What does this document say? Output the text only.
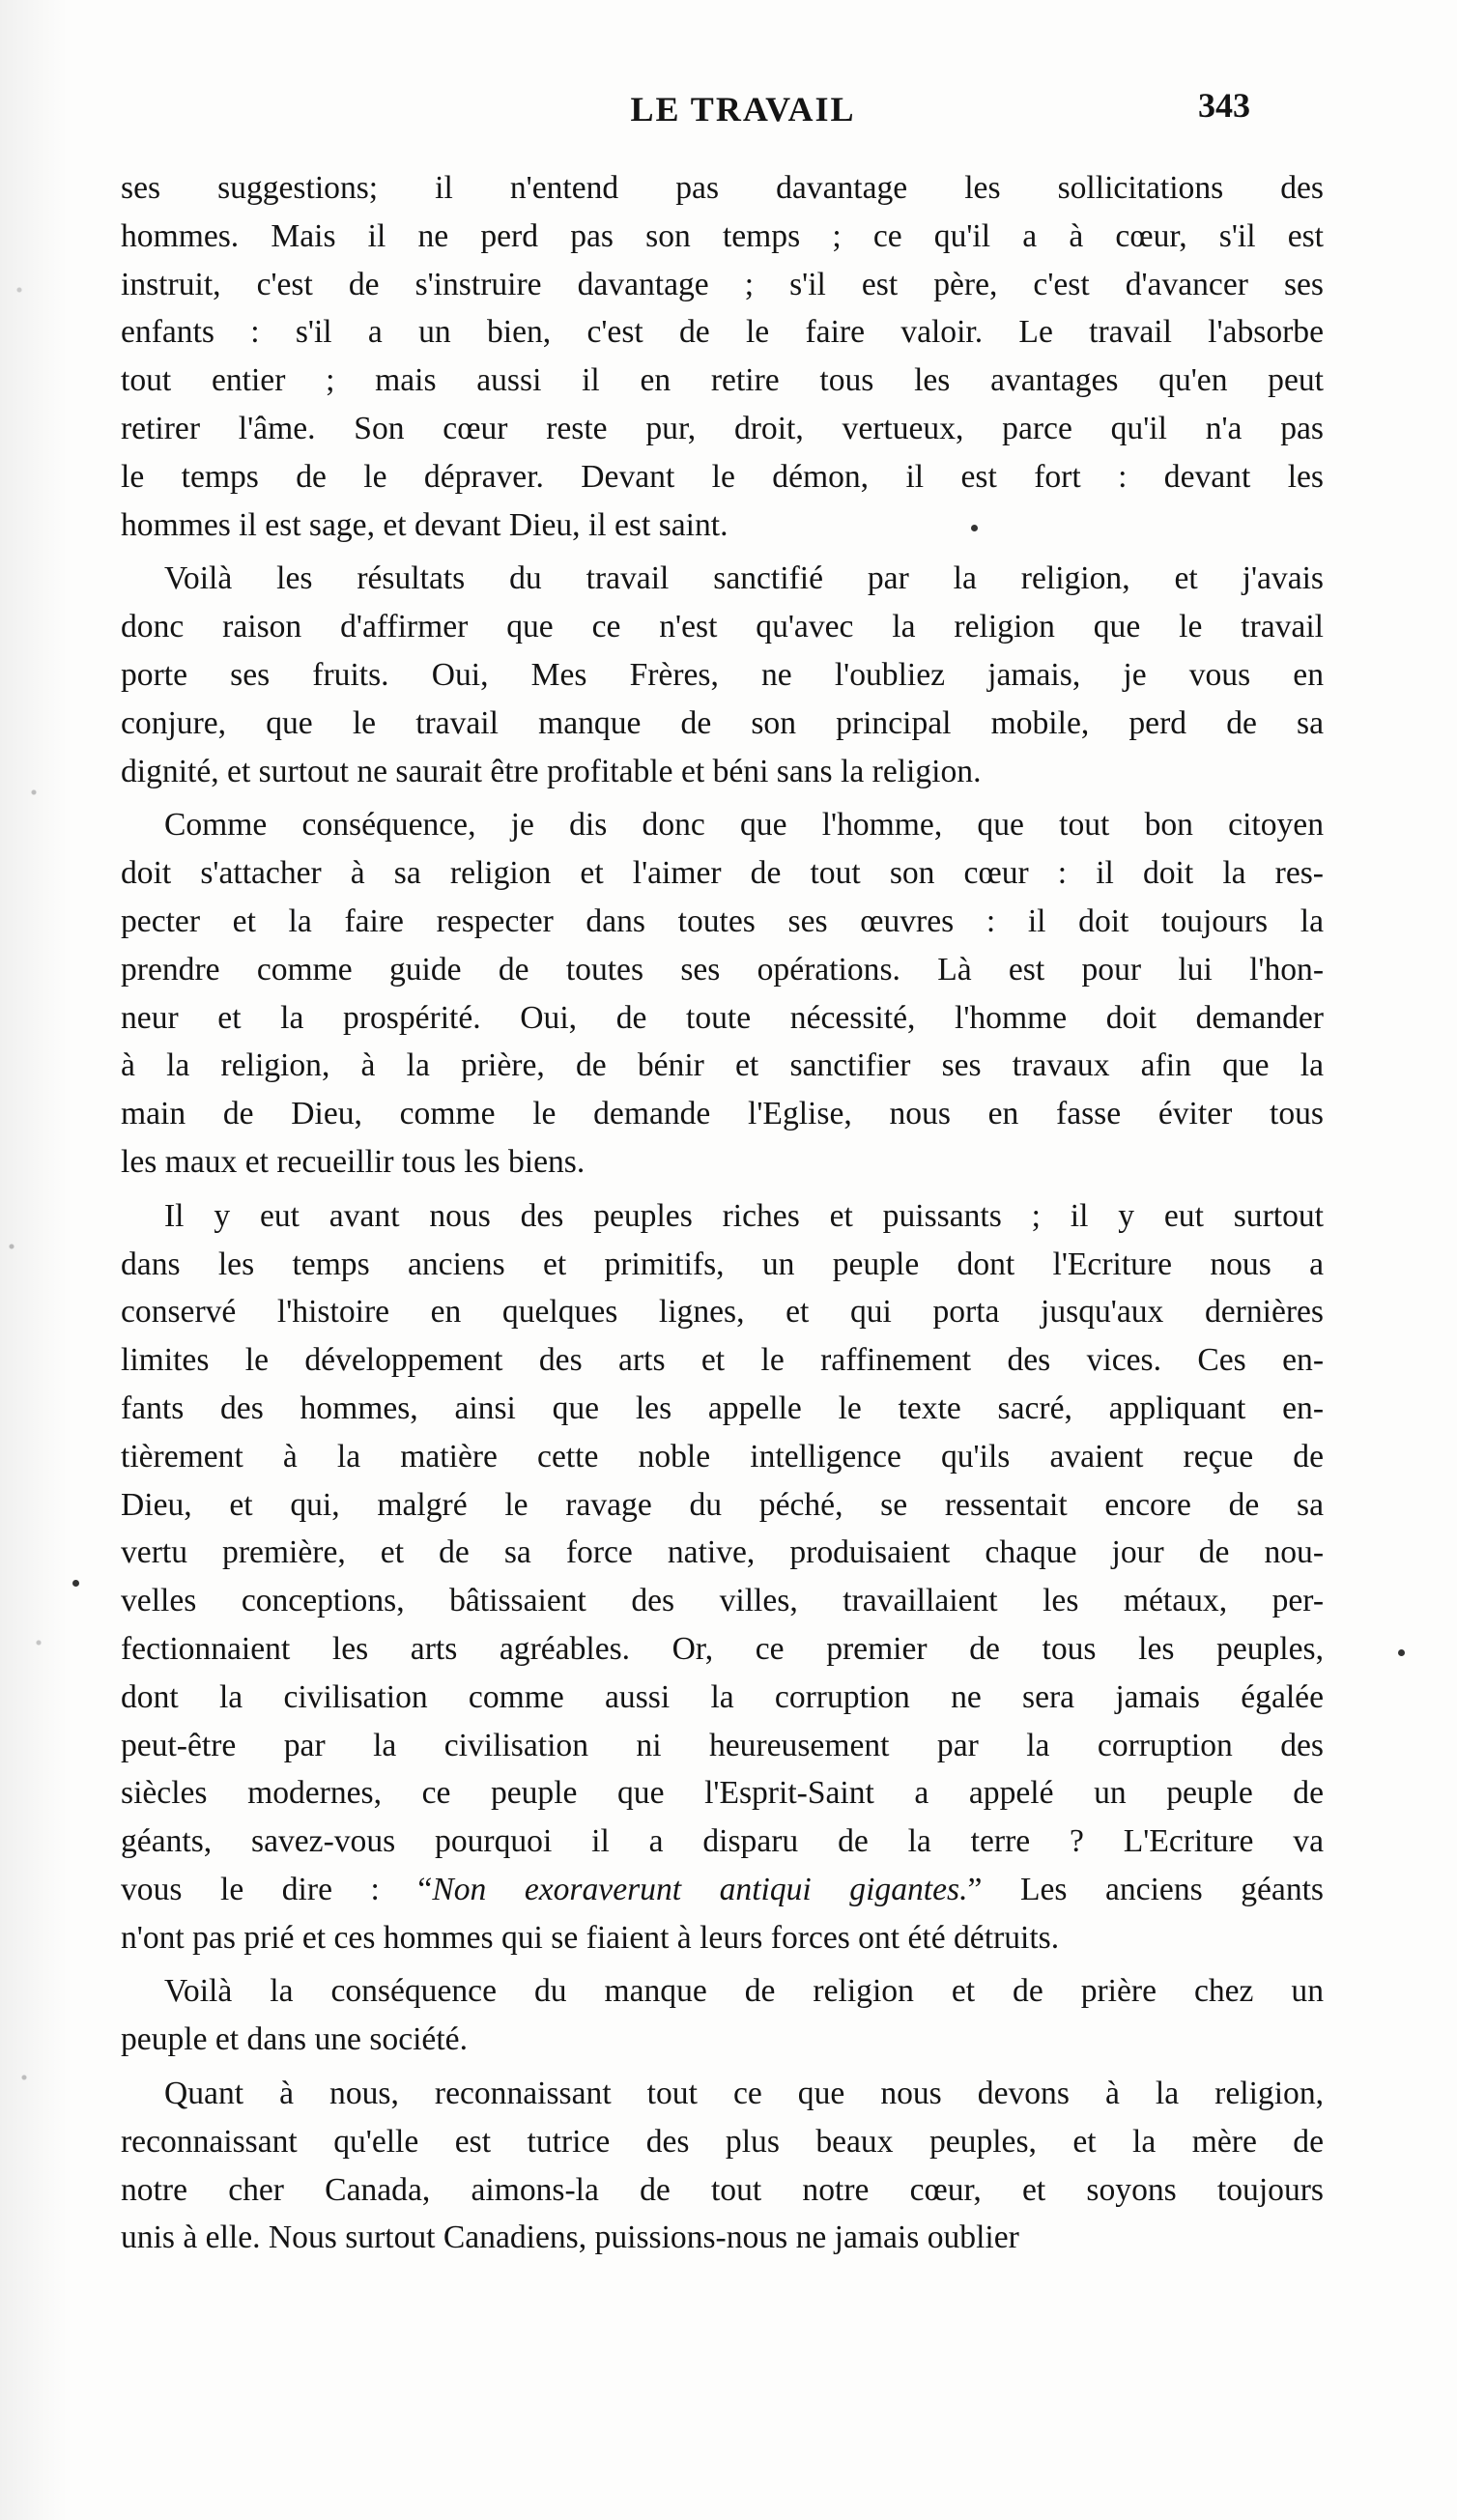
LE TRAVAIL	343
ses suggestions; il n'entend pas davantage les sollicitations des
hommes. Mais il ne perd pas son temps ; ce qu'il a à cœur, s'il est
instruit, c'est de s'instruire davantage ; s'il est père, c'est d'avancer ses
enfants : s'il a un bien, c'est de le faire valoir. Le travail l'absorbe
tout entier ; mais aussi il en retire tous les avantages qu'en peut
retirer l'âme. Son cœur reste pur, droit, vertueux, parce qu'il n'a pas
le temps de le dépraver. Devant le démon, il est fort : devant les
hommes il est sage, et devant Dieu, il est saint.
Voilà les résultats du travail sanctifié par la religion, et j'avais
donc raison d'affirmer que ce n'est qu'avec la religion que le travail
porte ses fruits. Oui, Mes Frères, ne l'oubliez jamais, je vous en
conjure, que le travail manque de son principal mobile, perd de sa
dignité, et surtout ne saurait être profitable et béni sans la religion.
Comme conséquence, je dis donc que l'homme, que tout bon citoyen
doit s'attacher à sa religion et l'aimer de tout son cœur : il doit la res-
pecter et la faire respecter dans toutes ses œuvres : il doit toujours la
prendre comme guide de toutes ses opérations. Là est pour lui l'hon-
neur et la prospérité. Oui, de toute nécessité, l'homme doit demander
à la religion, à la prière, de bénir et sanctifier ses travaux afin que la
main de Dieu, comme le demande l'Eglise, nous en fasse éviter tous
les maux et recueillir tous les biens.
Il y eut avant nous des peuples riches et puissants ; il y eut surtout
dans les temps anciens et primitifs, un peuple dont l'Ecriture nous a
conservé l'histoire en quelques lignes, et qui porta jusqu'aux dernières
limites le développement des arts et le raffinement des vices. Ces en-
fants des hommes, ainsi que les appelle le texte sacré, appliquant en-
tièrement à la matière cette noble intelligence qu'ils avaient reçue de
Dieu, et qui, malgré le ravage du péché, se ressentait encore de sa
vertu première, et de sa force native, produisaient chaque jour de nou-
velles conceptions, bâtissaient des villes, travaillaient les métaux, per-
fectionnaient les arts agréables. Or, ce premier de tous les peuples,
dont la civilisation comme aussi la corruption ne sera jamais égalée
peut-être par la civilisation ni heureusement par la corruption des
siècles modernes, ce peuple que l'Esprit-Saint a appelé un peuple de
géants, savez-vous pourquoi il a disparu de la terre ? L'Ecriture va
vous le dire : “Non exoraverunt antiqui gigantes.” Les anciens géants
n'ont pas prié et ces hommes qui se fiaient à leurs forces ont été détruits.
Voilà la conséquence du manque de religion et de prière chez un
peuple et dans une société.
Quant à nous, reconnaissant tout ce que nous devons à la religion,
reconnaissant qu'elle est tutrice des plus beaux peuples, et la mère de
notre cher Canada, aimons-la de tout notre cœur, et soyons toujours
unis à elle. Nous surtout Canadiens, puissions-nous ne jamais oublier
